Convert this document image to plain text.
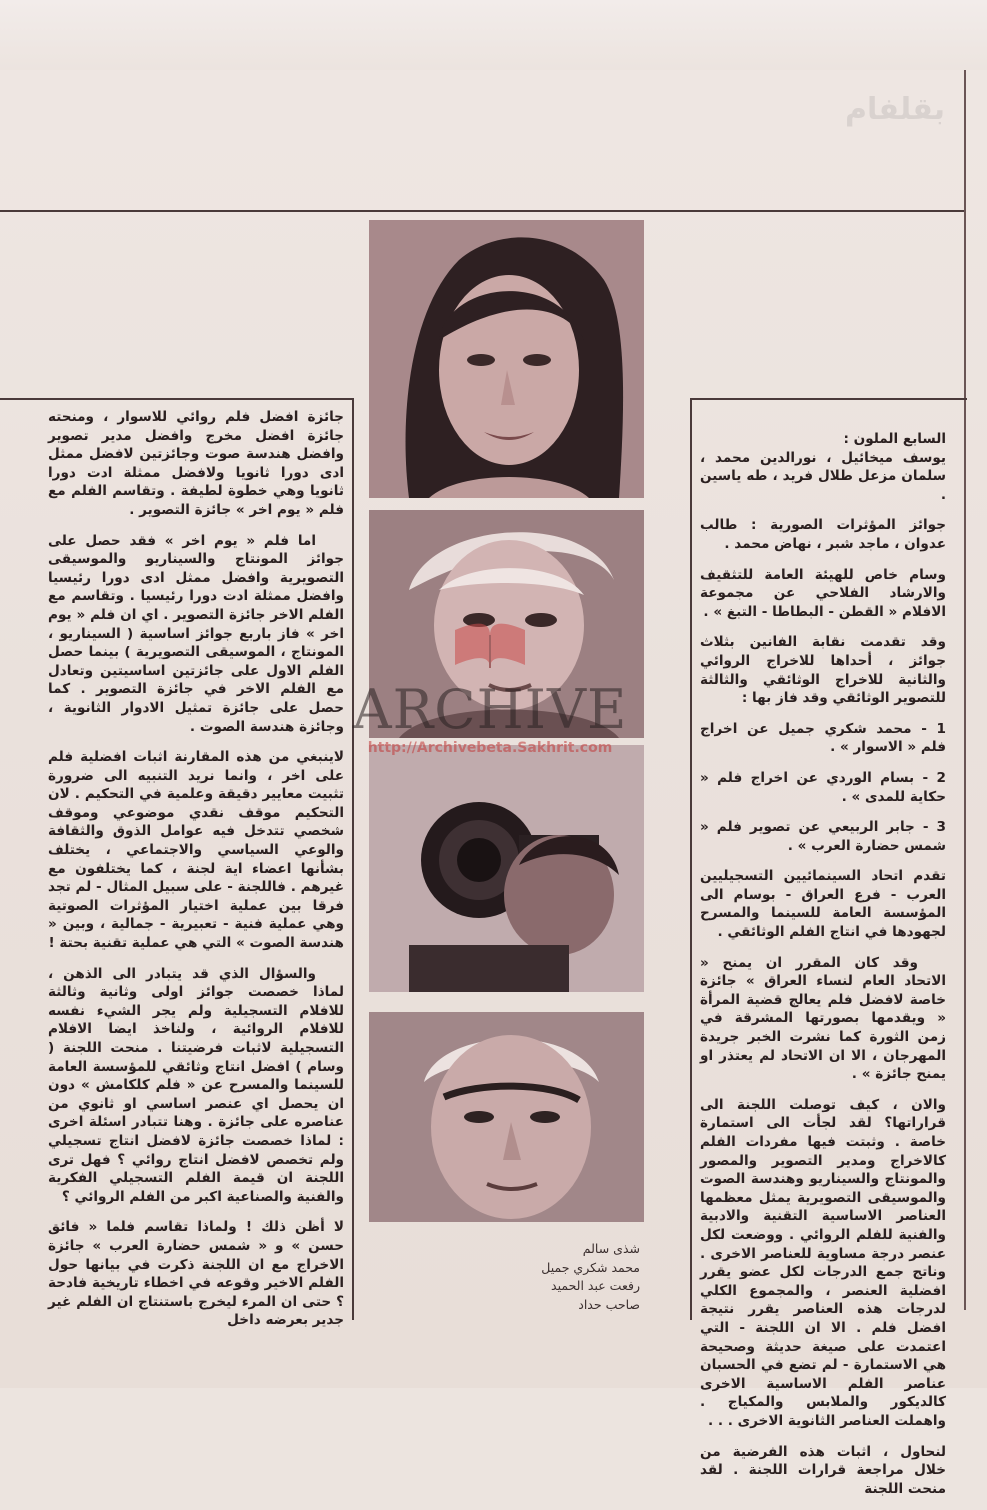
بقلفام

السابع الملون :
يوسف ميخائيل ، نورالدين محمد ، سلمان مزعل طلال فريد ، طه ياسين .

جوائز المؤثرات الصورية : طالب عدوان ، ماجد شبر ، نهاض محمد .

وسام خاص للهيئة العامة للتثقيف والارشاد الفلاحي عن مجموعة الافلام « القطن - البطاطا - التبغ » .

وقد تقدمت نقابة الفانين بثلاث جوائز ، أحداها للاخراج الروائي والثانية للاخراج الوثائقي والثالثة للتصوير الوثائقي وقد فاز بها :

1 - محمد شكري جميل عن اخراج فلم « الاسوار » .

2 - بسام الوردي عن اخراج فلم « حكاية للمدى » .

3 - جابر الربيعي عن تصوير فلم « شمس حضارة العرب » .

تقدم اتحاد السينمائيين التسجيليين العرب - فرع العراق - بوسام الى المؤسسة العامة للسينما والمسرح لجهودها في انتاج الفلم الوثائقي .

وقد كان المقرر ان يمنح « الاتحاد العام لنساء العراق » جائزة خاصة لافضل فلم يعالج قضية المرأة « ويقدمها بصورتها المشرقة في زمن الثورة كما نشرت الخبر جريدة المهرجان ، الا ان الاتحاد لم يعتذر او يمنح جائزة » .

والان ، كيف توصلت اللجنة الى قراراتها؟ لقد لجأت الى استمارة خاصة . وثبتت فيها مفردات الفلم كالاخراج ومدير التصوير والمصور والمونتاج والسيناريو وهندسة الصوت والموسيقى التصويرية يمثل معظمها العناصر الاساسية التقنية والادبية والفنية للفلم الروائي . ووضعت لكل عنصر درجة مساوية للعناصر الاخرى . وناتج جمع الدرجات لكل عضو يقرر افضلية العنصر ، والمجموع الكلي لدرجات هذه العناصر يقرر نتيجة افضل فلم . الا ان اللجنة - التي اعتمدت على صيغة حديثة وصحيحة هي الاستمارة - لم تضع في الحسبان عناصر الفلم الاساسية الاخرى كالديكور والملابس والمكياج . واهملت العناصر الثانوية الاخرى . . .

لنحاول ، اثبات هذه الفرضية من خلال مراجعة قرارات اللجنة . لقد منحت اللجنة

جائزة افضل فلم روائي للاسوار ، ومنحته جائزة افضل مخرج وافضل مدير تصوير وافضل هندسة صوت وجائزتين لافضل ممثل ادى دورا ثانويا ولافضل ممثلة ادت دورا ثانويا وهي خطوة لطيفة . وتقاسم الفلم مع فلم « يوم اخر » جائزة التصوير .

اما فلم « يوم اخر » فقد حصل على جوائز المونتاج والسيناريو والموسيقى التصويرية وافضل ممثل ادى دورا رئيسيا وافضل ممثلة ادت دورا رئيسيا . وتقاسم مع الفلم الاخر جائزة التصوير . اي ان فلم « يوم اخر » فاز باربع جوائز اساسية ( السيناريو ، المونتاج ، الموسيقى التصويرية ) بينما حصل الفلم الاول على جائزتين اساسيتين وتعادل مع الفلم الاخر في جائزة التصوير . كما حصل على جائزة تمثيل الادوار الثانوية ، وجائزة هندسة الصوت .

لاينبغي من هذه المقارنة اثبات افضلية فلم على اخر ، وانما نريد التنبيه الى ضرورة تثبيت معايير دقيقة وعلمية في التحكيم . لان التحكيم موقف نقدي موضوعي وموقف شخصي تتدخل فيه عوامل الذوق والثقافة والوعي السياسي والاجتماعي ، يختلف بشأنها اعضاء اية لجنة ، كما يختلفون مع غيرهم . فاللجنة - على سبيل المثال - لم تجد فرقا بين عملية اختيار المؤثرات الصوتية وهي عملية فنية - تعبيرية - جمالية ، وبين « هندسة الصوت » التي هي عملية تقنية بحتة !

والسؤال الذي قد يتبادر الى الذهن ، لماذا خصصت جوائز اولى وثانية وثالثة للافلام التسجيلية ولم يجر الشيء نفسه للافلام الروائية ، ولناخذ ايضا الافلام التسجيلية لاثبات فرضيتنا . منحت اللجنة ( وسام ) افضل انتاج وثائقي للمؤسسة العامة للسينما والمسرح عن « فلم كلكامش » دون ان يحصل اي عنصر اساسي او ثانوي من عناصره على جائزة . وهنا تتبادر اسئلة اخرى : لماذا خصصت جائزة لافضل انتاج تسجيلي ولم تخصص لافضل انتاج روائي ؟ فهل ترى اللجنة ان قيمة الفلم التسجيلي الفكرية والفنية والصناعية اكبر من الفلم الروائي ؟

لا أظن ذلك ! ولماذا تقاسم فلما « فائق حسن » و « شمس حضارة العرب » جائزة الاخراج مع ان اللجنة ذكرت في بيانها حول الفلم الاخير وقوعه في اخطاء تاريخية فادحة ؟ حتى ان المرء ليخرج باستنتاج ان الفلم غير جدير بعرضه داخل

شذى سالم
محمد شكري جميل
رفعت عبد الحميد
صاحب حداد
ARCHIVE
http://Archivebeta.Sakhrit.com
